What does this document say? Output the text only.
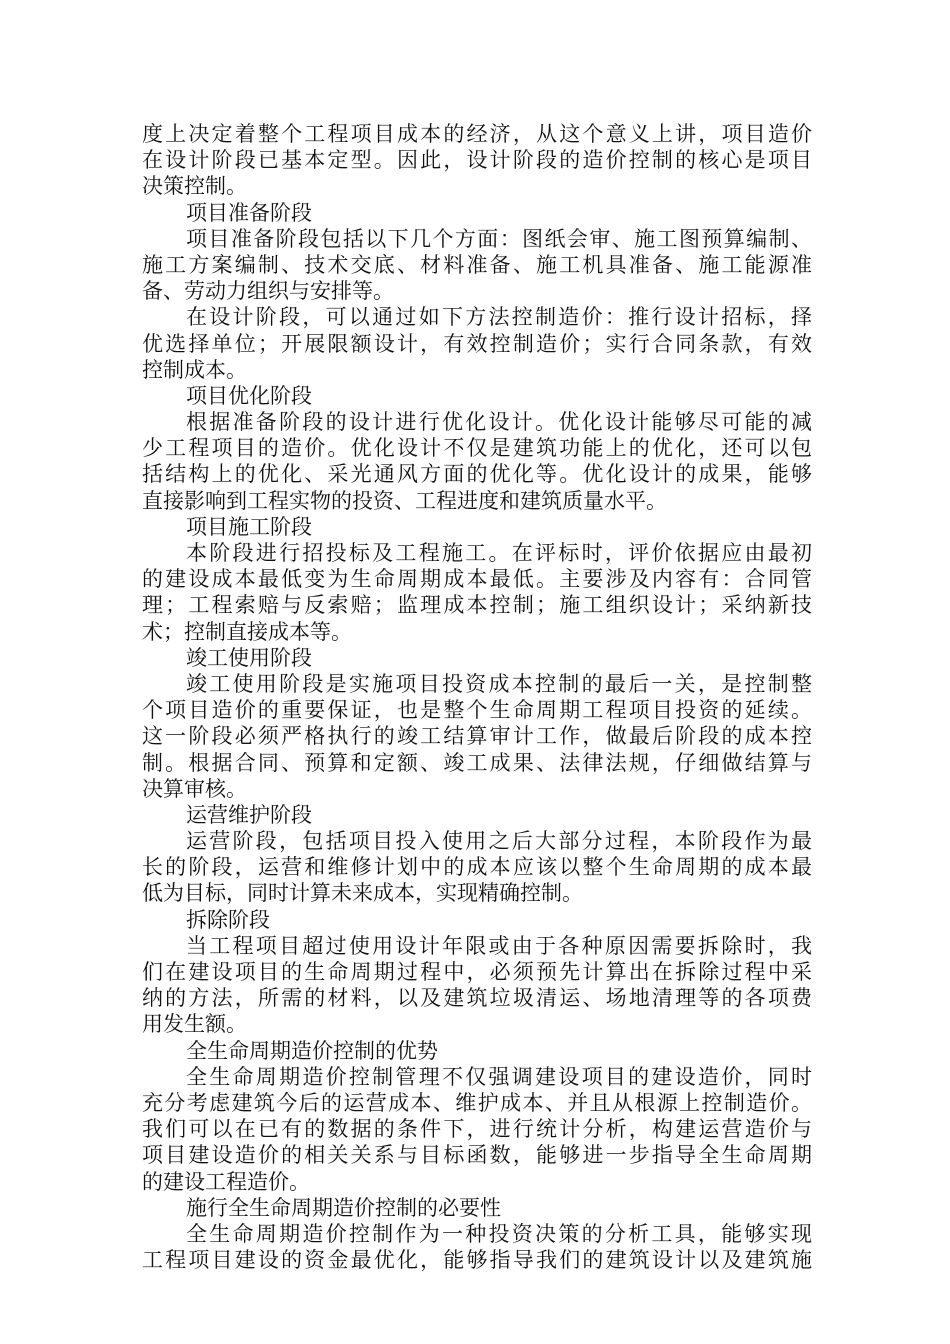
度上决定着整个工程项目成本的经济，从这个意义上讲，项目造价
在设计阶段已基本定型。因此，设计阶段的造价控制的核心是项目
决策控制。
项目准备阶段
项目准备阶段包括以下几个方面：图纸会审、施工图预算编制、
施工方案编制、技术交底、材料准备、施工机具准备、施工能源准
备、劳动力组织与安排等。
在设计阶段，可以通过如下方法控制造价：推行设计招标，择
优选择单位；开展限额设计，有效控制造价；实行合同条款，有效
控制成本。
项目优化阶段
根据准备阶段的设计进行优化设计。优化设计能够尽可能的减
少工程项目的造价。优化设计不仅是建筑功能上的优化，还可以包
括结构上的优化、采光通风方面的优化等。优化设计的成果，能够
直接影响到工程实物的投资、工程进度和建筑质量水平。
项目施工阶段
本阶段进行招投标及工程施工。在评标时，评价依据应由最初
的建设成本最低变为生命周期成本最低。主要涉及内容有：合同管
理；工程索赔与反索赔；监理成本控制；施工组织设计；采纳新技
术；控制直接成本等。
竣工使用阶段
竣工使用阶段是实施项目投资成本控制的最后一关，是控制整
个项目造价的重要保证，也是整个生命周期工程项目投资的延续。
这一阶段必须严格执行的竣工结算审计工作，做最后阶段的成本控
制。根据合同、预算和定额、竣工成果、法律法规，仔细做结算与
决算审核。
运营维护阶段
运营阶段，包括项目投入使用之后大部分过程，本阶段作为最
长的阶段，运营和维修计划中的成本应该以整个生命周期的成本最
低为目标，同时计算未来成本，实现精确控制。
拆除阶段
当工程项目超过使用设计年限或由于各种原因需要拆除时，我
们在建设项目的生命周期过程中，必须预先计算出在拆除过程中采
纳的方法，所需的材料，以及建筑垃圾清运、场地清理等的各项费
用发生额。
全生命周期造价控制的优势
全生命周期造价控制管理不仅强调建设项目的建设造价，同时
充分考虑建筑今后的运营成本、维护成本、并且从根源上控制造价。
我们可以在已有的数据的条件下，进行统计分析，构建运营造价与
项目建设造价的相关关系与目标函数，能够进一步指导全生命周期
的建设工程造价。
施行全生命周期造价控制的必要性
全生命周期造价控制作为一种投资决策的分析工具，能够实现
工程项目建设的资金最优化，能够指导我们的建筑设计以及建筑施
